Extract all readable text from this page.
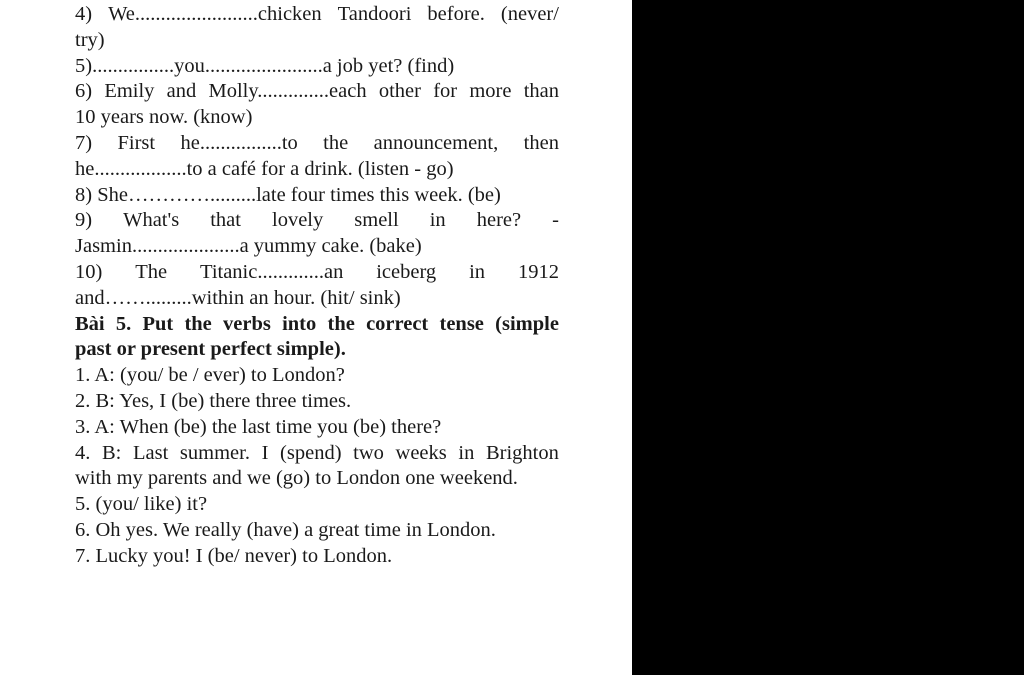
4) We........................chicken Tandoori before. (never/
try)
5)................you.......................a job yet? (find)
6) Emily and Molly..............each other for more than
10 years now. (know)
7) First he................to the announcement, then
he..................to a café for a drink. (listen - go)
8) She………….........late four times this week. (be)
9) What's that lovely smell in here? -
Jasmin.....................a yummy cake. (bake)
10) The Titanic.............an iceberg in 1912
and…….........within an hour. (hit/ sink)
Bài 5. Put the verbs into the correct tense (simple
past or present perfect simple).
1. A: (you/ be / ever) to London?
2. B: Yes, I (be) there three times.
3. A: When (be) the last time you (be) there?
4. B: Last summer. I (spend) two weeks in Brighton
with my parents and we (go) to London one weekend.
5. (you/ like) it?
6. Oh yes. We really (have) a great time in London.
7. Lucky you! I (be/ never) to London.
